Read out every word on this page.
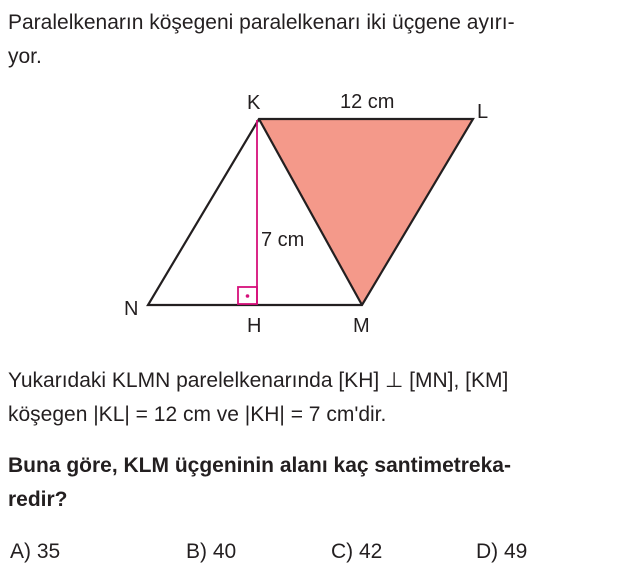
Paralelkenarın köşegeni paralelkenarı iki üçgene ayırı-
yor.

K	L
N
H	M
12 cm
7 cm

Yukarıdaki KLMN parelelkenarında [KH] ⊥ [MN], [KM]
köşegen |KL| = 12 cm ve |KH| = 7 cm'dir.

Buna göre, KLM üçgeninin alanı kaç santimetreka-
redir?

A) 35	B) 40	C) 42	D) 49
